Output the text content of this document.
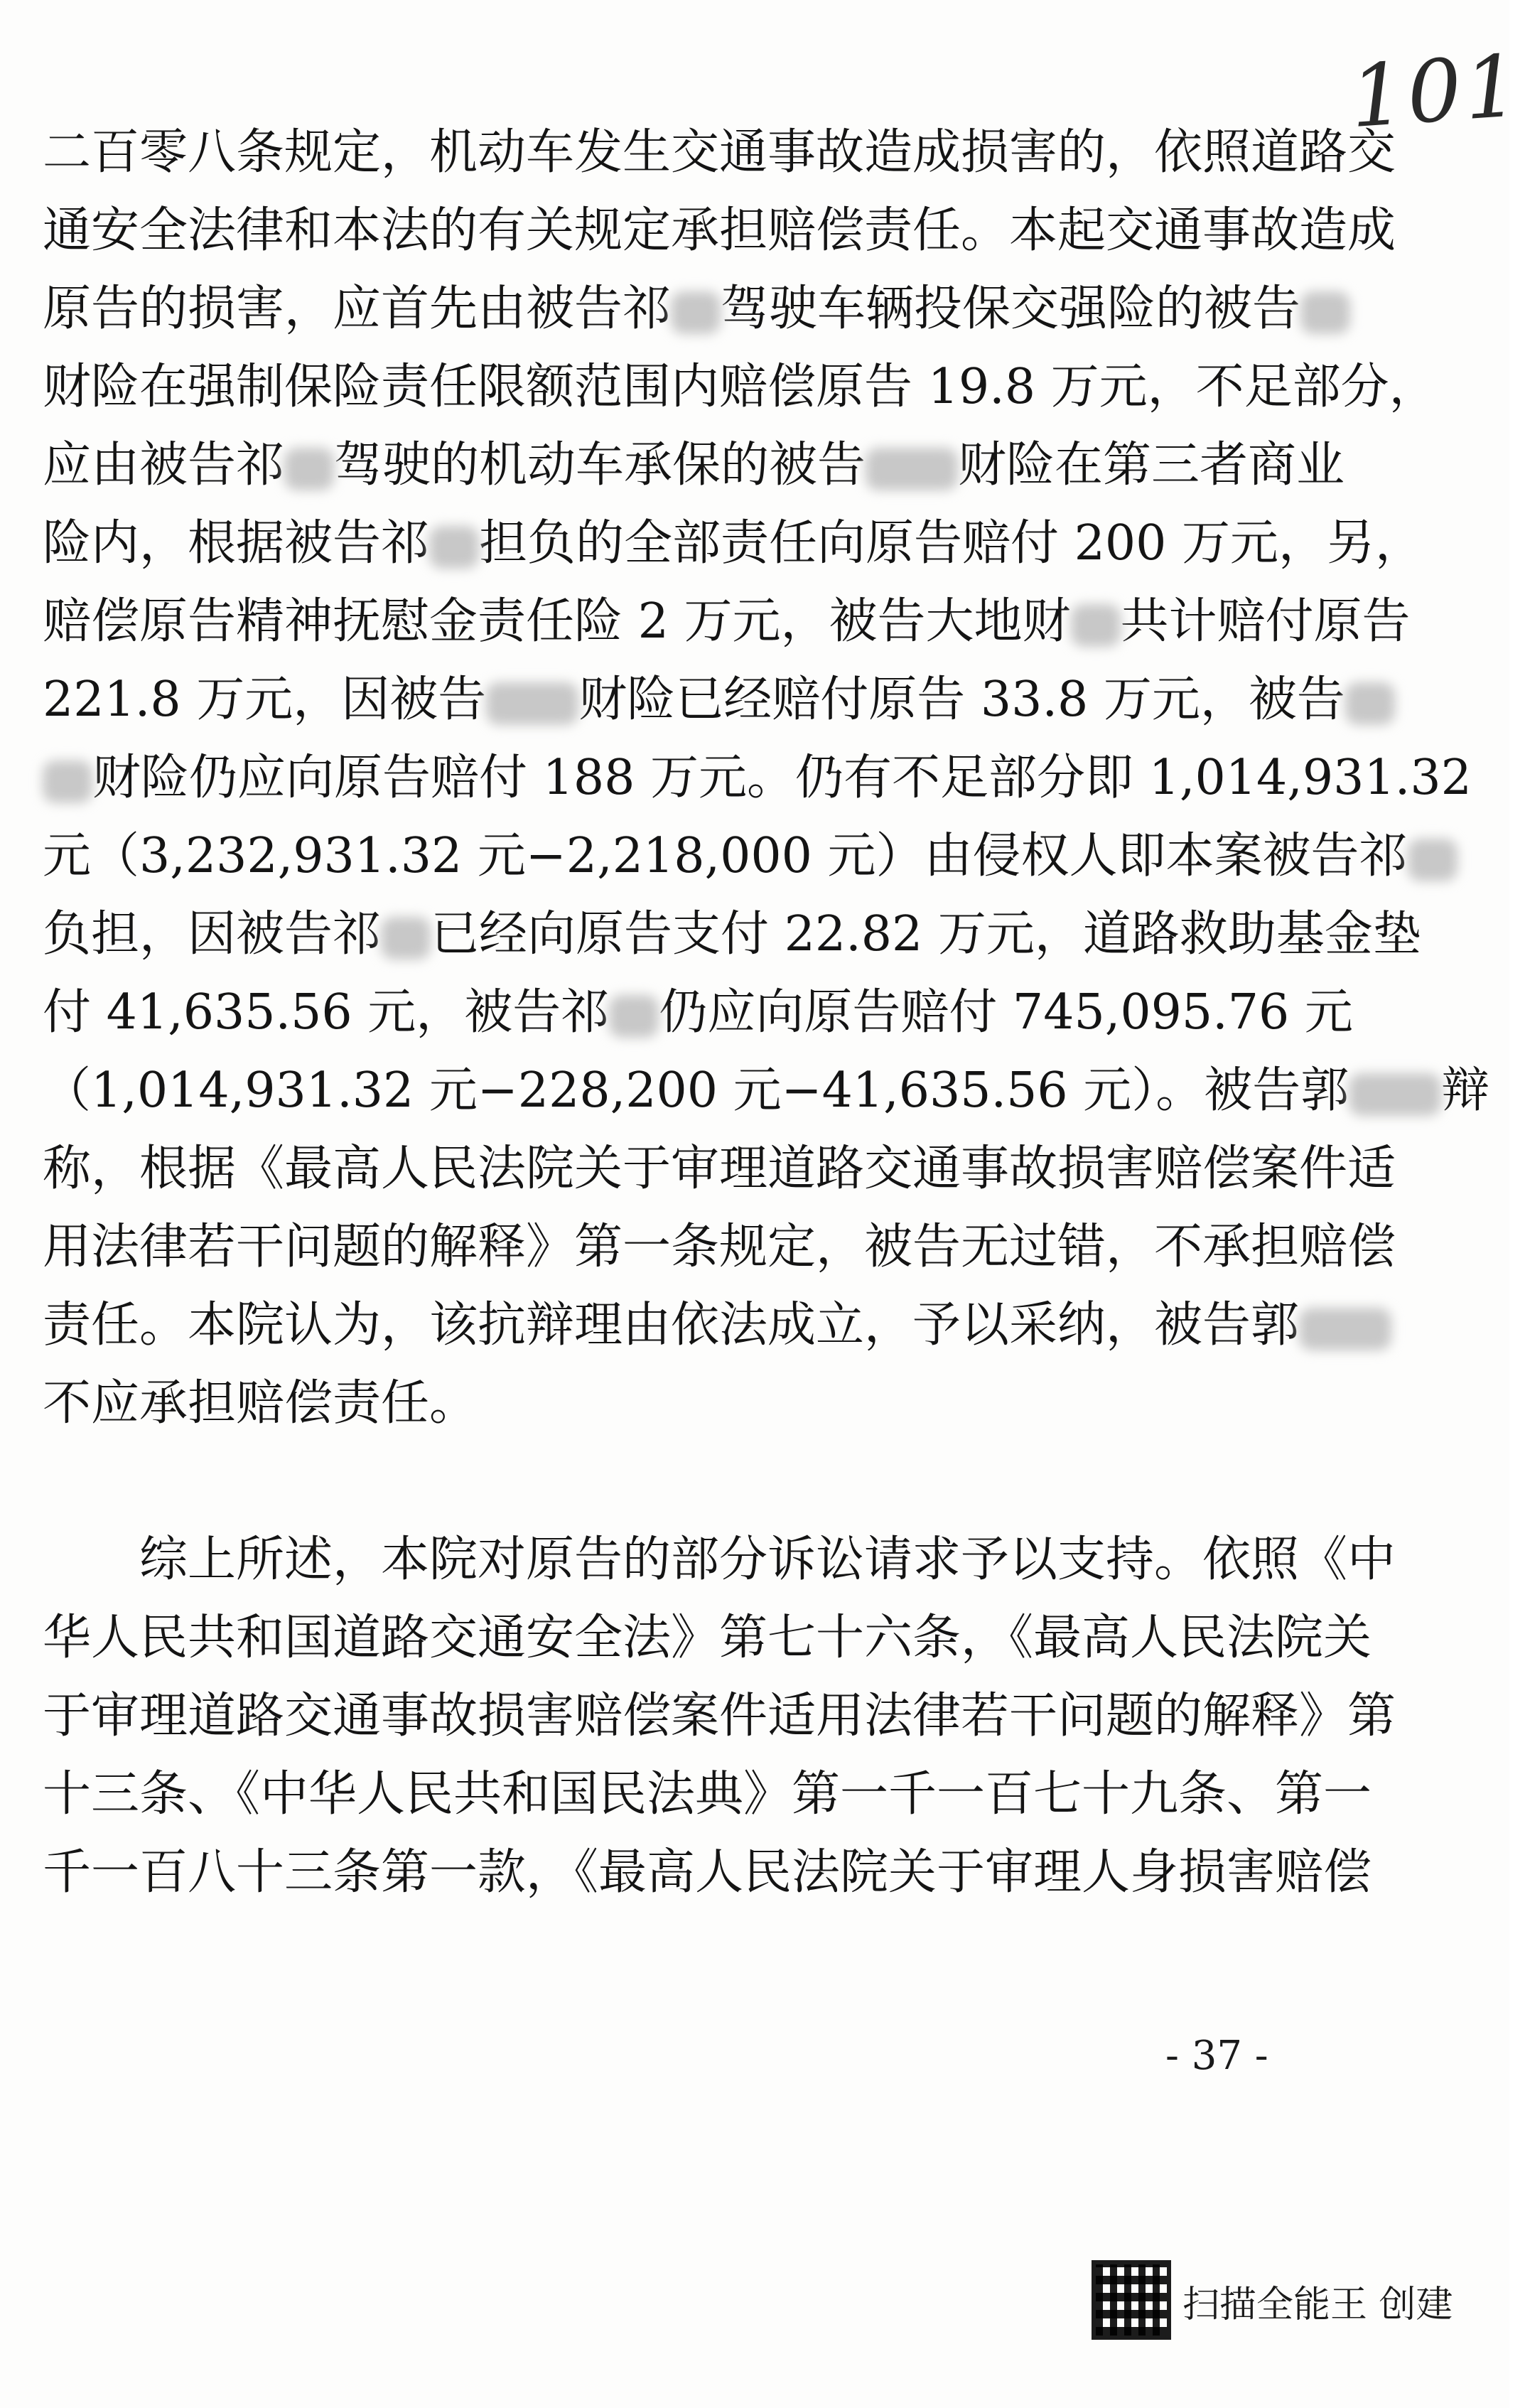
101
二百零八条规定，机动车发生交通事故造成损害的，依照道路交
通安全法律和本法的有关规定承担赔偿责任。本起交通事故造成
原告的损害，应首先由被告祁 驾驶车辆投保交强险的被告
财险在强制保险责任限额范围内赔偿原告 19.8 万元，不足部分，
应由被告祁 驾驶的机动车承保的被告 财险在第三者商业
险内，根据被告祁 担负的全部责任向原告赔付 200 万元，另，
赔偿原告精神抚慰金责任险 2 万元，被告大地财 共计赔付原告
221.8 万元，因被告 财险已经赔付原告 33.8 万元，被告
财险仍应向原告赔付 188 万元。仍有不足部分即 1,014,931.32
元（3,232,931.32 元−2,218,000 元）由侵权人即本案被告祁
负担，因被告祁 已经向原告支付 22.82 万元，道路救助基金垫
付 41,635.56 元，被告祁 仍应向原告赔付 745,095.76 元
（1,014,931.32 元−228,200 元−41,635.56 元）。被告郭 辩
称，根据《最高人民法院关于审理道路交通事故损害赔偿案件适
用法律若干问题的解释》第一条规定，被告无过错，不承担赔偿
责任。本院认为，该抗辩理由依法成立，予以采纳，被告郭
不应承担赔偿责任。
　　综上所述，本院对原告的部分诉讼请求予以支持。依照《中
华人民共和国道路交通安全法》第七十六条，《最高人民法院关
于审理道路交通事故损害赔偿案件适用法律若干问题的解释》第
十三条、《中华人民共和国民法典》第一千一百七十九条、第一
千一百八十三条第一款，《最高人民法院关于审理人身损害赔偿
- 37 -
扫描全能王 创建
